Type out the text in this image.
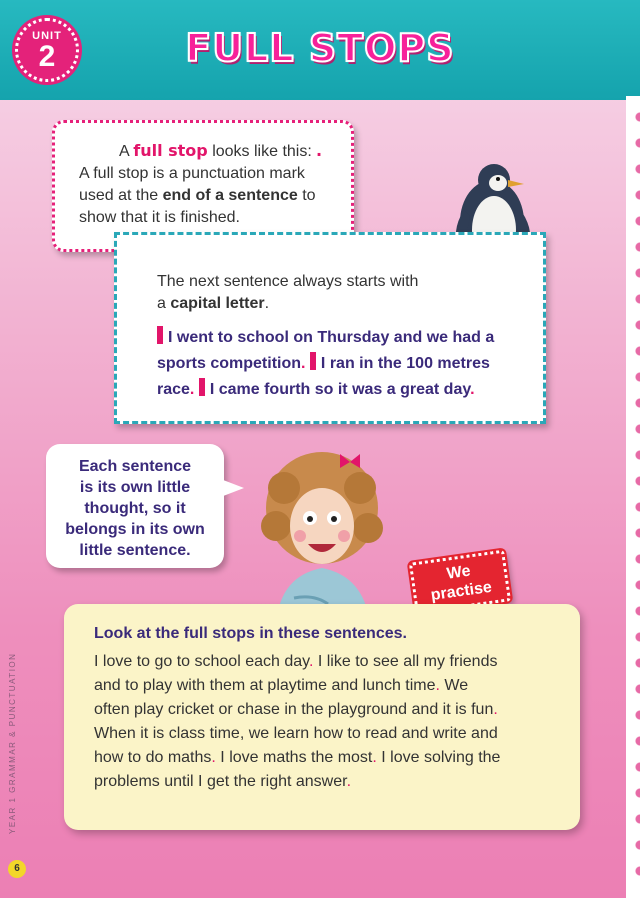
UNIT
2	FULL STOPS
A full stop looks like this: .
A full stop is a punctuation mark
used at the end of a sentence to
show that it is finished.
The next sentence always starts with
a capital letter.
I went to school on Thursday and we had a
sports competition. I ran in the 100 metres
race. I came fourth so it was a great day.
Each sentence
is its own little
thought, so it
belongs in its own
little sentence.
We
practise
Look at the full stops in these sentences.
I love to go to school each day. I like to see all my friends
and to play with them at playtime and lunch time. We
often play cricket or chase in the playground and it is fun.
When it is class time, we learn how to read and write and
how to do maths. I love maths the most. I love solving the
problems until I get the right answer.
YEAR 1 GRAMMAR & PUNCTUATION
6
